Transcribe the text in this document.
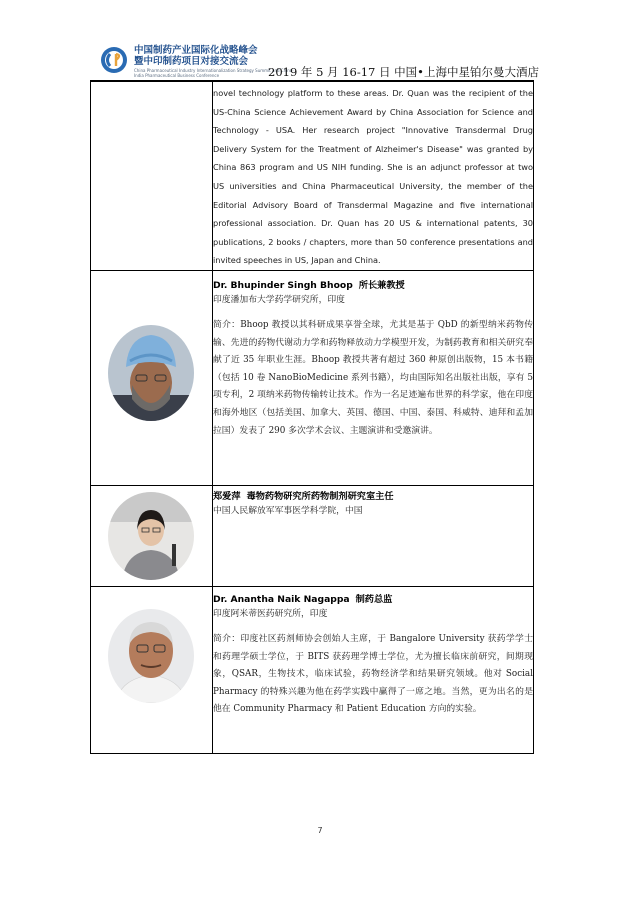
中国制药产业国际化战略峰会
暨中印制药项目对接交流会
China Pharmaceutical Industry Internationalization Strategy Summit and China-India Pharmaceutical Business Conference	2019 年 5 月 16-17 日 中国•上海中星铂尔曼大酒店

	novel technology platform to these areas. Dr. Quan was the recipient of the US-China Science Achievement Award by China Association for Science and Technology - USA. Her research project "Innovative Transdermal Drug Delivery System for the Treatment of Alzheimer's Disease" was granted by China 863 program and US NIH funding. She is an adjunct professor at two US universities and China Pharmaceutical University, the member of the Editorial Advisory Board of Transdermal Magazine and five international professional association. Dr. Quan has 20 US & international patents, 30 publications, 2 books / chapters, more than 50 conference presentations and invited speeches in US, Japan and China.

Dr. Bhupinder Singh Bhoop 所长兼教授
印度潘加布大学药学研究所，印度
简介：Bhoop 教授以其科研成果享誉全球，尤其是基于 QbD 的新型纳米药物传输、先进的药物代谢动力学和药物释放动力学模型开发，为制药教育和相关研究奉献了近 35 年职业生涯。Bhoop 教授共著有超过 360 种原创出版物，15 本书籍（包括 10 卷 NanoBioMedicine 系列书籍），均由国际知名出版社出版，享有 5 项专利，2 项纳米药物传输转让技术。作为一名足迹遍布世界的科学家，他在印度和海外地区（包括美国、加拿大、英国、德国、中国、泰国、科威特、迪拜和孟加拉国）发表了 290 多次学术会议、主题演讲和受邀演讲。

郑爱萍 毒物药物研究所药物制剂研究室主任
中国人民解放军军事医学科学院，中国

Dr. Anantha Naik Nagappa 制药总监
印度阿米蒂医药研究所，印度
简介：印度社区药剂师协会创始人主席，于 Bangalore University 获药学学士和药理学硕士学位，于 BITS 获药理学博士学位，尤为擅长临床前研究，间期现象，QSAR，生物技术，临床试验，药物经济学和结果研究领域。他对 Social Pharmacy 的特殊兴趣为他在药学实践中赢得了一席之地。当然，更为出名的是他在 Community Pharmacy 和 Patient Education 方向的实验。
7
